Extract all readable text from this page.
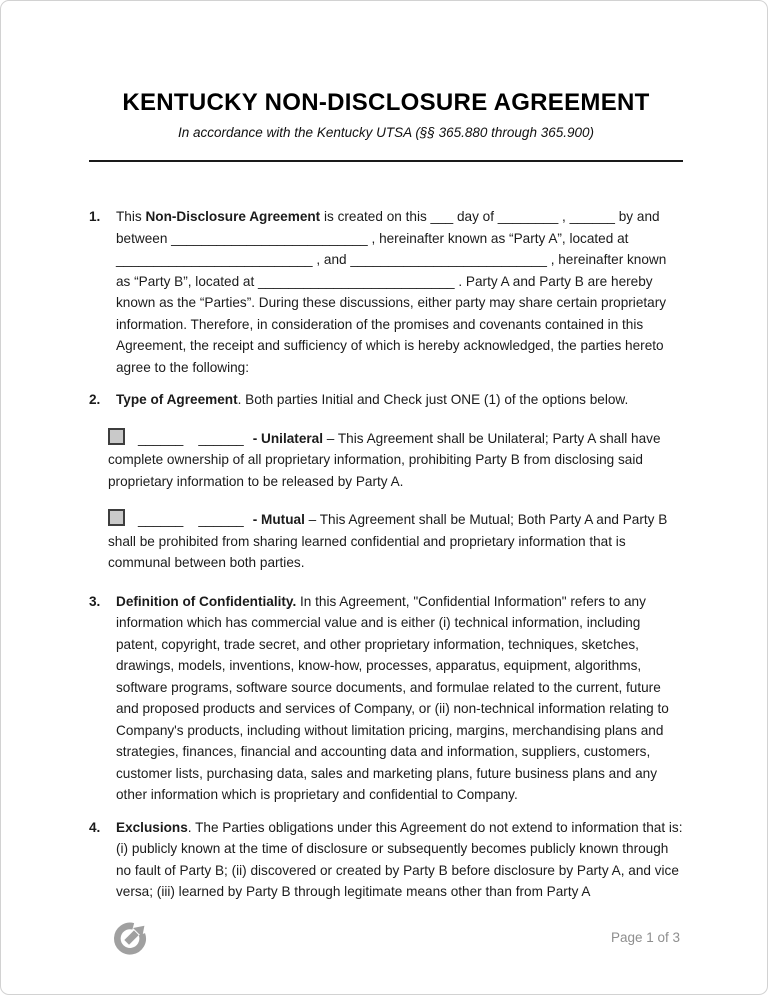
KENTUCKY NON-DISCLOSURE AGREEMENT

In accordance with the Kentucky UTSA (§§ 365.880 through 365.900)

1.	This Non-Disclosure Agreement is created on this ___ day of ________ , ______ by and between __________________________ , hereinafter known as “Party A”, located at __________________________ , and __________________________ , hereinafter known as “Party B”, located at __________________________ . Party A and Party B are hereby known as the “Parties”. During these discussions, either party may share certain proprietary information. Therefore, in consideration of the promises and covenants contained in this Agreement, the receipt and sufficiency of which is hereby acknowledged, the parties hereto agree to the following:

2.	Type of Agreement. Both parties Initial and Check just ONE (1) of the options below.

______ ______ - Unilateral – This Agreement shall be Unilateral; Party A shall have complete ownership of all proprietary information, prohibiting Party B from disclosing said proprietary information to be released by Party A.

______ ______ - Mutual – This Agreement shall be Mutual; Both Party A and Party B shall be prohibited from sharing learned confidential and proprietary information that is communal between both parties.

3.	Definition of Confidentiality. In this Agreement, "Confidential Information" refers to any information which has commercial value and is either (i) technical information, including patent, copyright, trade secret, and other proprietary information, techniques, sketches, drawings, models, inventions, know-how, processes, apparatus, equipment, algorithms, software programs, software source documents, and formulae related to the current, future and proposed products and services of Company, or (ii) non-technical information relating to Company's products, including without limitation pricing, margins, merchandising plans and strategies, finances, financial and accounting data and information, suppliers, customers, customer lists, purchasing data, sales and marketing plans, future business plans and any other information which is proprietary and confidential to Company.

4.	Exclusions. The Parties obligations under this Agreement do not extend to information that is: (i) publicly known at the time of disclosure or subsequently becomes publicly known through no fault of Party B; (ii) discovered or created by Party B before disclosure by Party A, and vice versa; (iii) learned by Party B through legitimate means other than from Party A

Page 1 of 3
